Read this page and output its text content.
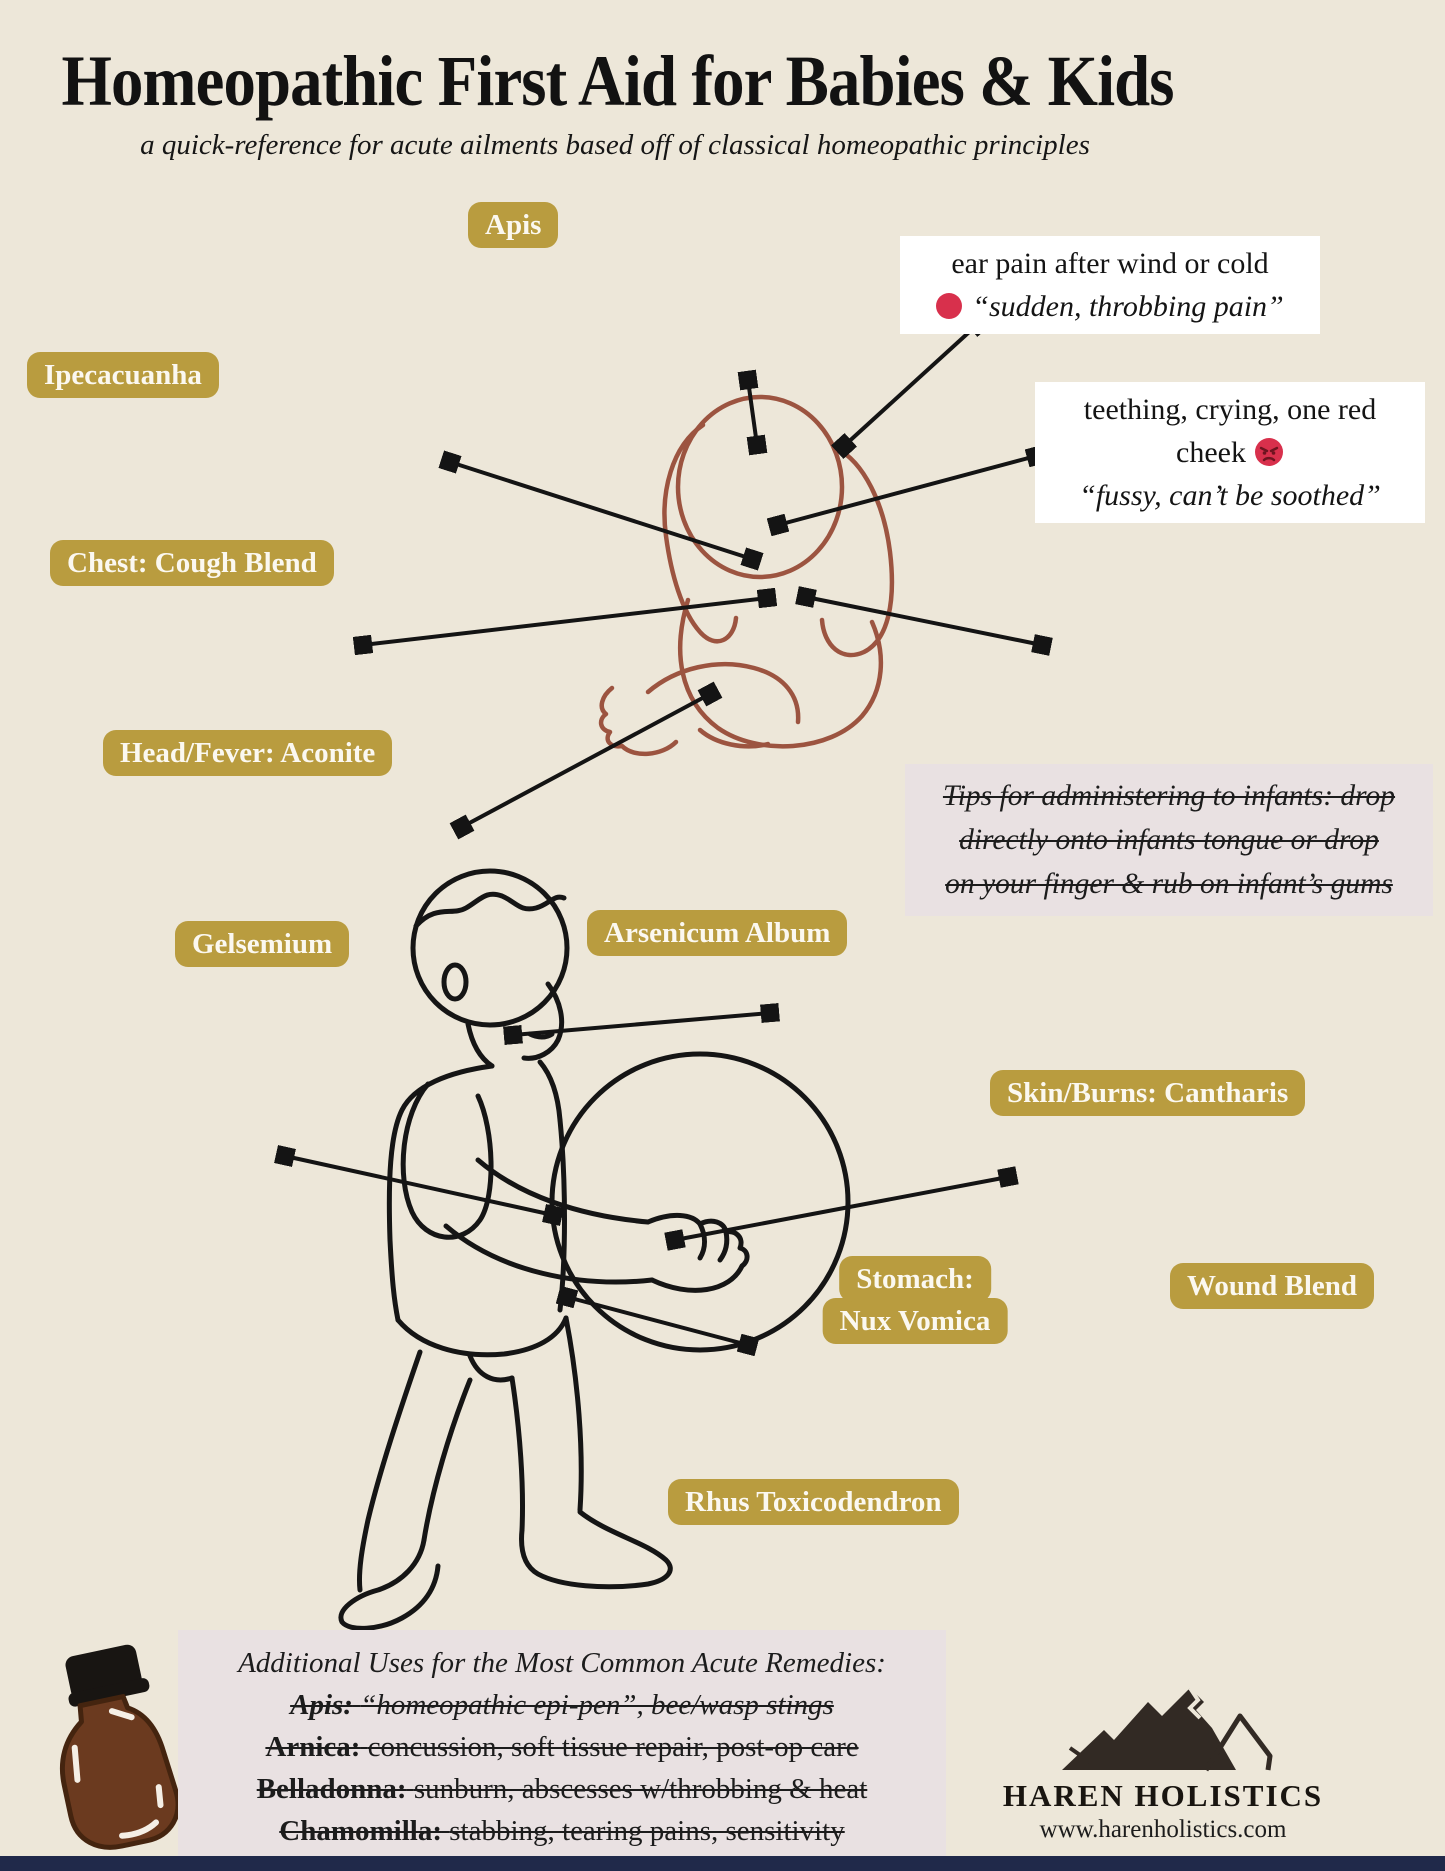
Homeopathic First Aid for Babies & Kids

a quick-reference for acute ailments based off of classical homeopathic principles

Apis
Ipecacuanha
Chest: Cough Blend
Head/Fever: Aconite
Gelsemium	Arsenicum Album
Skin/Burns: Cantharis
Stomach:
Nux Vomica
Wound Blend
Rhus Toxicodendron
ear pain after wind or cold
“sudden, throbbing pain”
teething, crying, one red
cheek
“fussy, can’t be soothed”
Tips for administering to infants: drop
directly onto infants tongue or drop
on your finger & rub on infant’s gums
Additional Uses for the Most Common Acute Remedies:
Apis: “homeopathic epi-pen”, bee/wasp stings
Arnica: concussion, soft tissue repair, post-op care
Belladonna: sunburn, abscesses w/throbbing & heat
Chamomilla: stabbing, tearing pains, sensitivity
HAREN HOLISTICS
www.harenholistics.com
